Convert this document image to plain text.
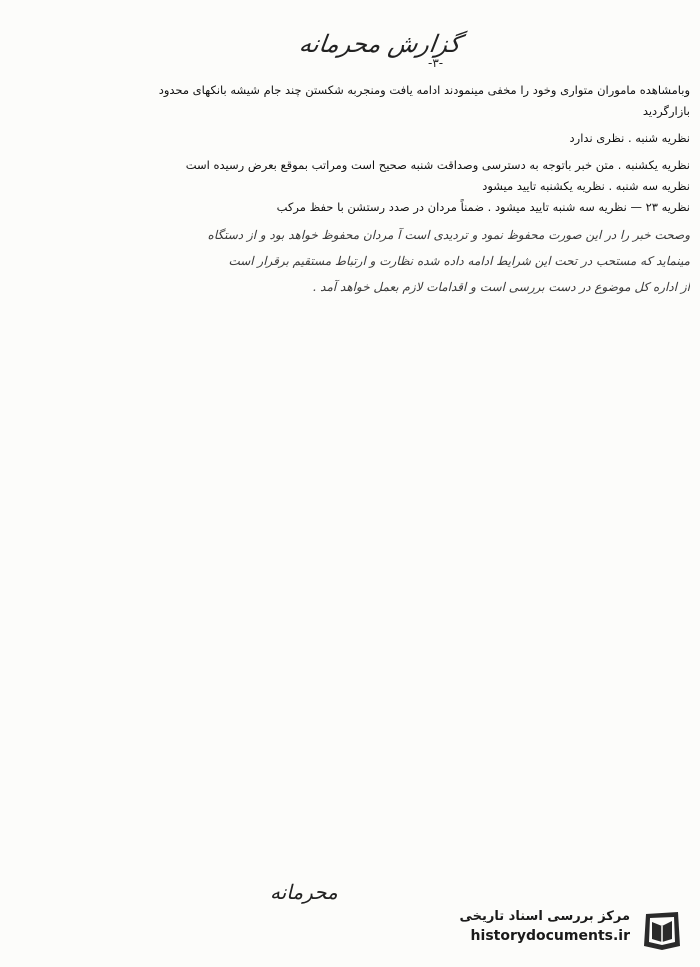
گزارش محرمانه
-۳-
وبامشاهده ماموران متواری وخود را مخفی مینمودند ادامه یافت ومنجربه شکستن چند جام شیشه بانکهای محدود
بازارگردید
نظریه شنبه . نظری ندارد
نظریه یکشنبه . متن خبر باتوجه به دسترسی وصداقت شنبه صحیح است ومراتب بموقع بعرض رسیده است
نظریه سه شنبه . نظریه یکشنبه تایید میشود
نظریه ۲۳ — نظریه سه شنبه تایید میشود . ضمناً مردان در صدد رستشن با حفظ مرکب
وصحت خبر را در این صورت محفوظ نمود و تردیدی است آ مردان محفوظ خواهد بود و از دستگاه
مینماید که مستحب در تحت این شرایط ادامه داده شده نظارت و ارتباط مستقیم برقرار است
از اداره کل موضوع در دست بررسی است و اقدامات لازم بعمل خواهد آمد .
محرمانه
مرکز بررسی اسناد تاریخی
historydocuments.ir
